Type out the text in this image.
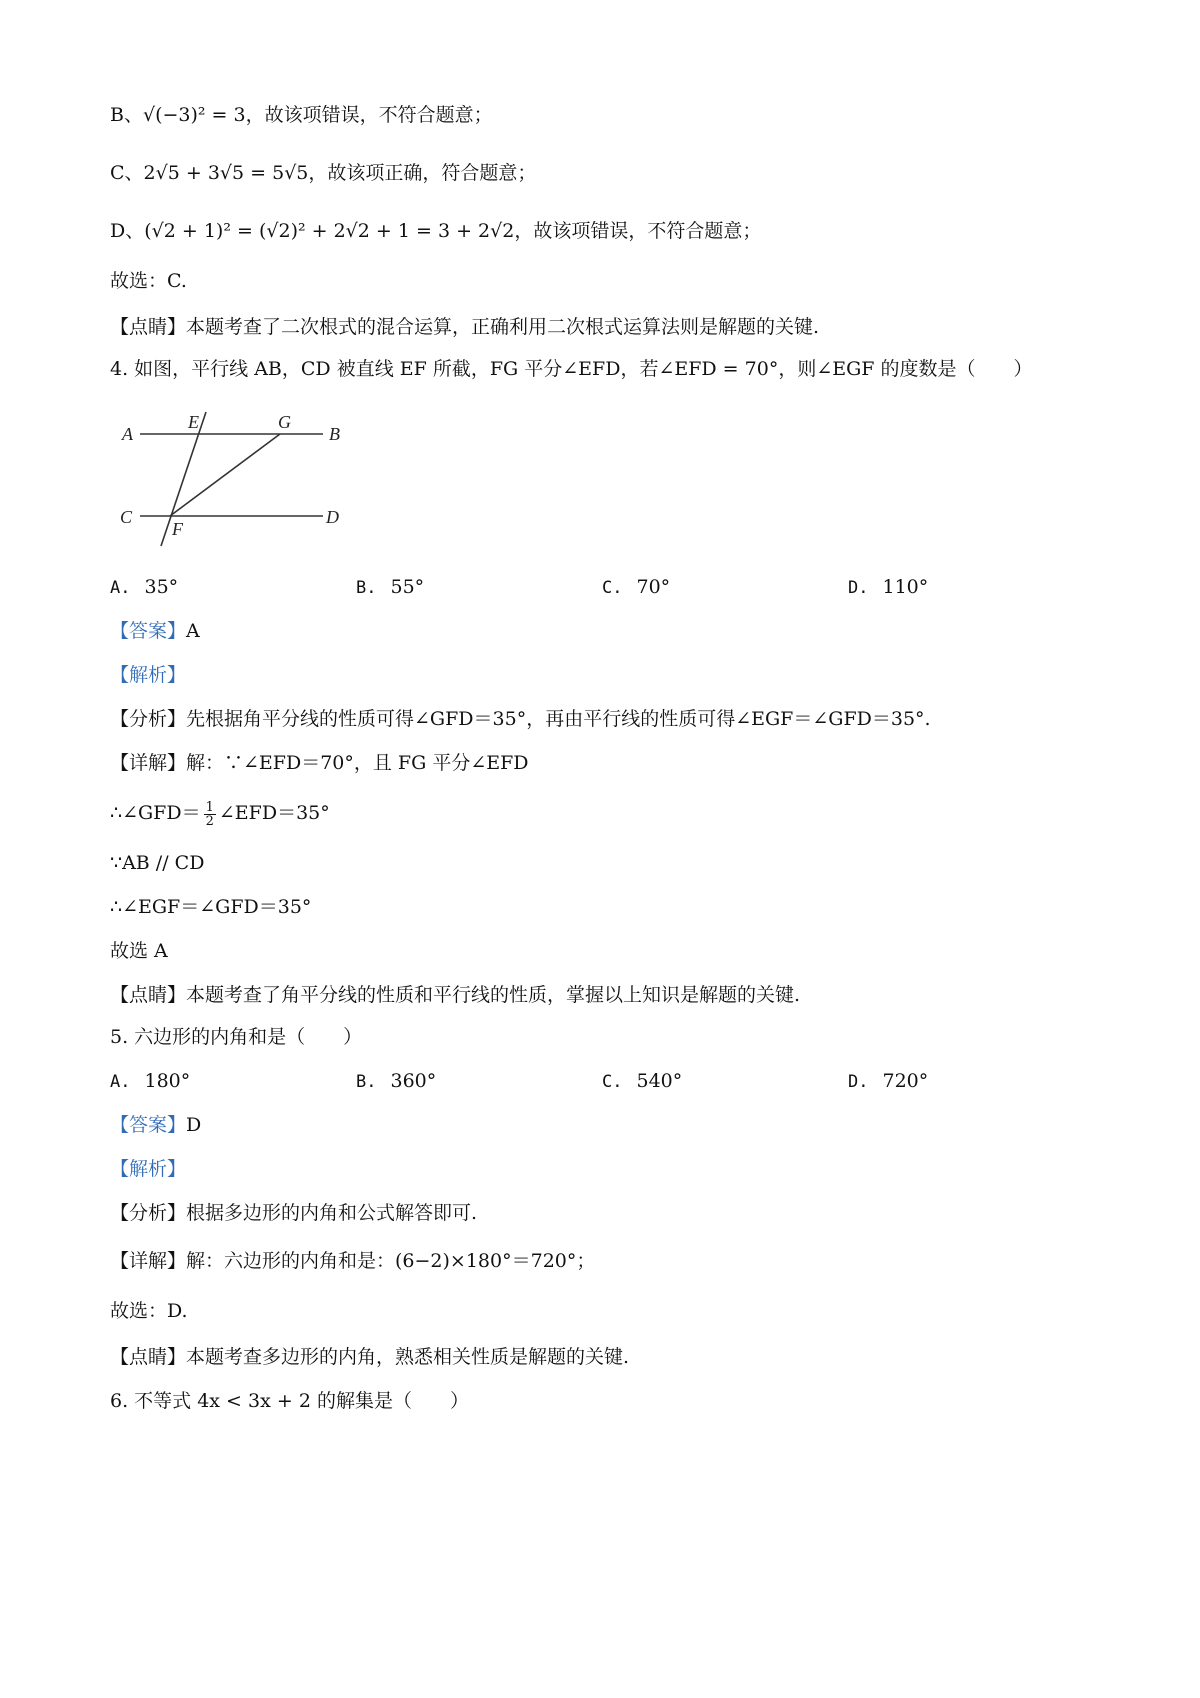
B、√(−3)² = 3，故该项错误，不符合题意；
C、2√5 + 3√5 = 5√5，故该项正确，符合题意；
D、(√2 + 1)² = (√2)² + 2√2 + 1 = 3 + 2√2，故该项错误，不符合题意；
故选：C.
【点睛】本题考查了二次根式的混合运算，正确利用二次根式运算法则是解题的关键.
4. 如图，平行线 AB，CD 被直线 EF 所截，FG 平分∠EFD，若∠EFD = 70°，则∠EGF 的度数是（　　）
A
E	G
B
C
F
D
A. 35°	B. 55°	C. 70°	D. 110°
【答案】A
【解析】
【分析】先根据角平分线的性质可得∠GFD＝35°，再由平行线的性质可得∠EGF＝∠GFD＝35°.
【详解】解：∵∠EFD＝70°，且 FG 平分∠EFD
∴∠GFD＝ $\frac{1}{2}$ ∠EFD＝35°
∵AB // CD
∴∠EGF＝∠GFD＝35°
故选 A
【点睛】本题考查了角平分线的性质和平行线的性质，掌握以上知识是解题的关键.
5. 六边形的内角和是（　　）
A. 180°	B. 360°	C. 540°	D. 720°
【答案】D
【解析】
【分析】根据多边形的内角和公式解答即可.
【详解】解：六边形的内角和是：(6−2)×180°＝720°；
故选：D.
【点睛】本题考查多边形的内角，熟悉相关性质是解题的关键.
6. 不等式 4x < 3x + 2 的解集是（　　）
